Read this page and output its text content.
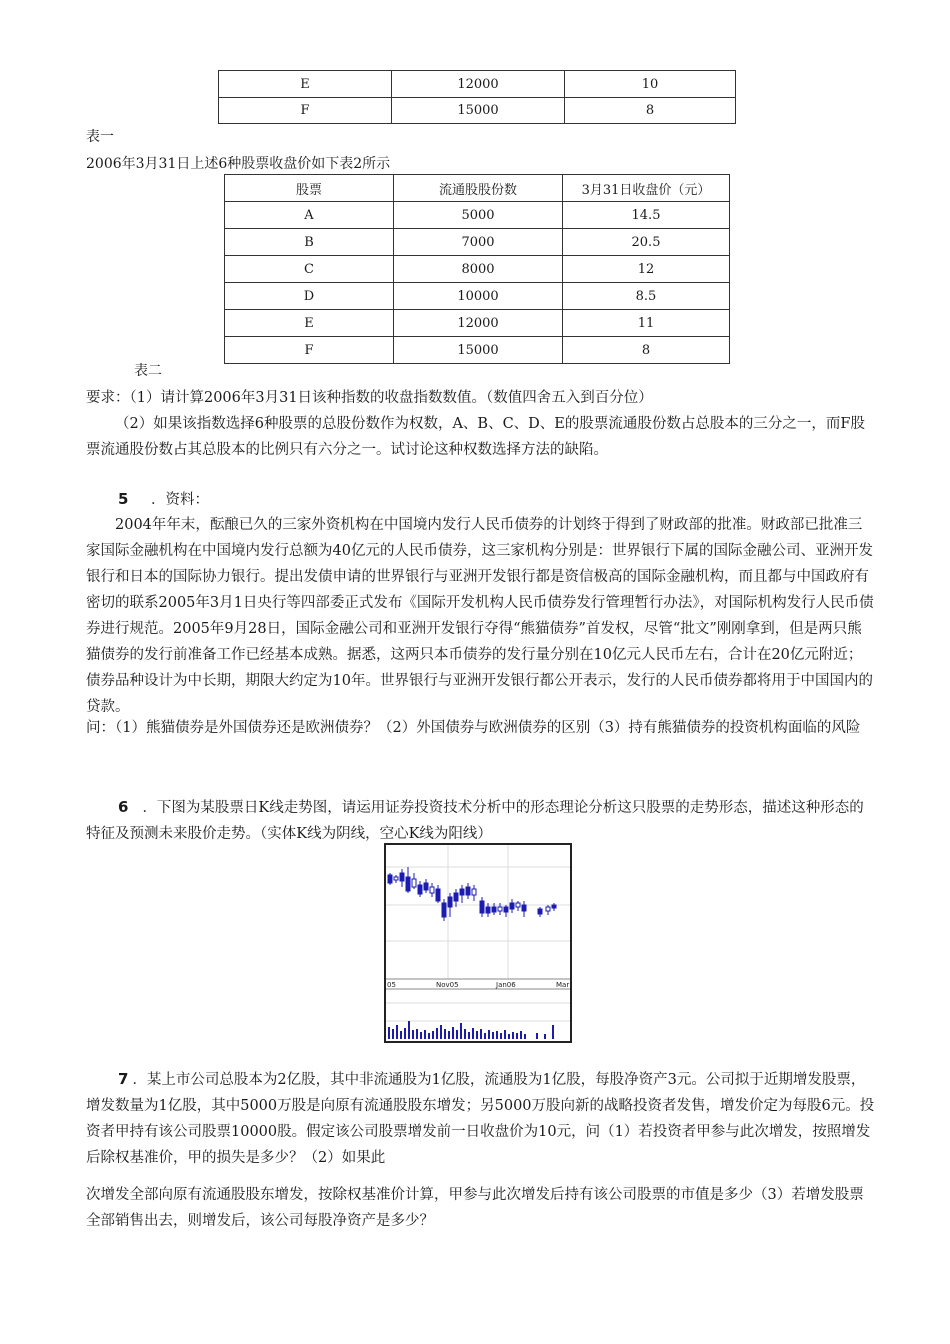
E	12000	10
F	15000	8
表一
2006年3月31日上述6种股票收盘价如下表2所示
股票	流通股股份数	3月31日收盘价（元）
A	5000	14.5
B	7000	20.5
C	8000	12
D	10000	8.5
E	12000	11
F	15000	8
表二
要求：（1）请计算2006年3月31日该种指数的收盘指数数值。（数值四舍五入到百分位）
（2）如果该指数选择6种股票的总股份数作为权数，A、B、C、D、E的股票流通股份数占总股本的三分之一，而F股票流通股份数占其总股本的比例只有六分之一。试讨论这种权数选择方法的缺陷。
5 ．资料：
2004年年末，酝酿已久的三家外资机构在中国境内发行人民币债券的计划终于得到了财政部的批准。财政部已批准三家国际金融机构在中国境内发行总额为40亿元的人民币债券，这三家机构分别是：世界银行下属的国际金融公司、亚洲开发银行和日本的国际协力银行。提出发债申请的世界银行与亚洲开发银行都是资信极高的国际金融机构，而且都与中国政府有密切的联系2005年3月1日央行等四部委正式发布《国际开发机构人民币债券发行管理暂行办法》，对国际机构发行人民币债券进行规范。2005年9月28日，国际金融公司和亚洲开发银行夺得“熊猫债券”首发权，尽管“批文”刚刚拿到，但是两只熊猫债券的发行前准备工作已经基本成熟。据悉，这两只本币债券的发行量分别在10亿元人民币左右，合计在20亿元附近；债券品种设计为中长期，期限大约定为10年。世界银行与亚洲开发银行都公开表示，发行的人民币债券都将用于中国国内的贷款。
问：（1）熊猫债券是外国债券还是欧洲债券？（2）外国债券与欧洲债券的区别（3）持有熊猫债券的投资机构面临的风险
6 ．下图为某股票日K线走势图，请运用证券投资技术分析中的形态理论分析这只股票的走势形态，描述这种形态的特征及预测未来股价走势。（实体K线为阴线，空心K线为阳线）
05	Nov05	Jan06	Mar
7 ．某上市公司总股本为2亿股，其中非流通股为1亿股，流通股为1亿股，每股净资产3元。公司拟于近期增发股票，增发数量为1亿股，其中5000万股是向原有流通股股东增发；另5000万股向新的战略投资者发售，增发价定为每股6元。投资者甲持有该公司股票10000股。假定该公司股票增发前一日收盘价为10元，问（1）若投资者甲参与此次增发，按照增发后除权基准价，甲的损失是多少？（2）如果此
次增发全部向原有流通股股东增发，按除权基准价计算，甲参与此次增发后持有该公司股票的市值是多少（3）若增发股票全部销售出去，则增发后，该公司每股净资产是多少？
